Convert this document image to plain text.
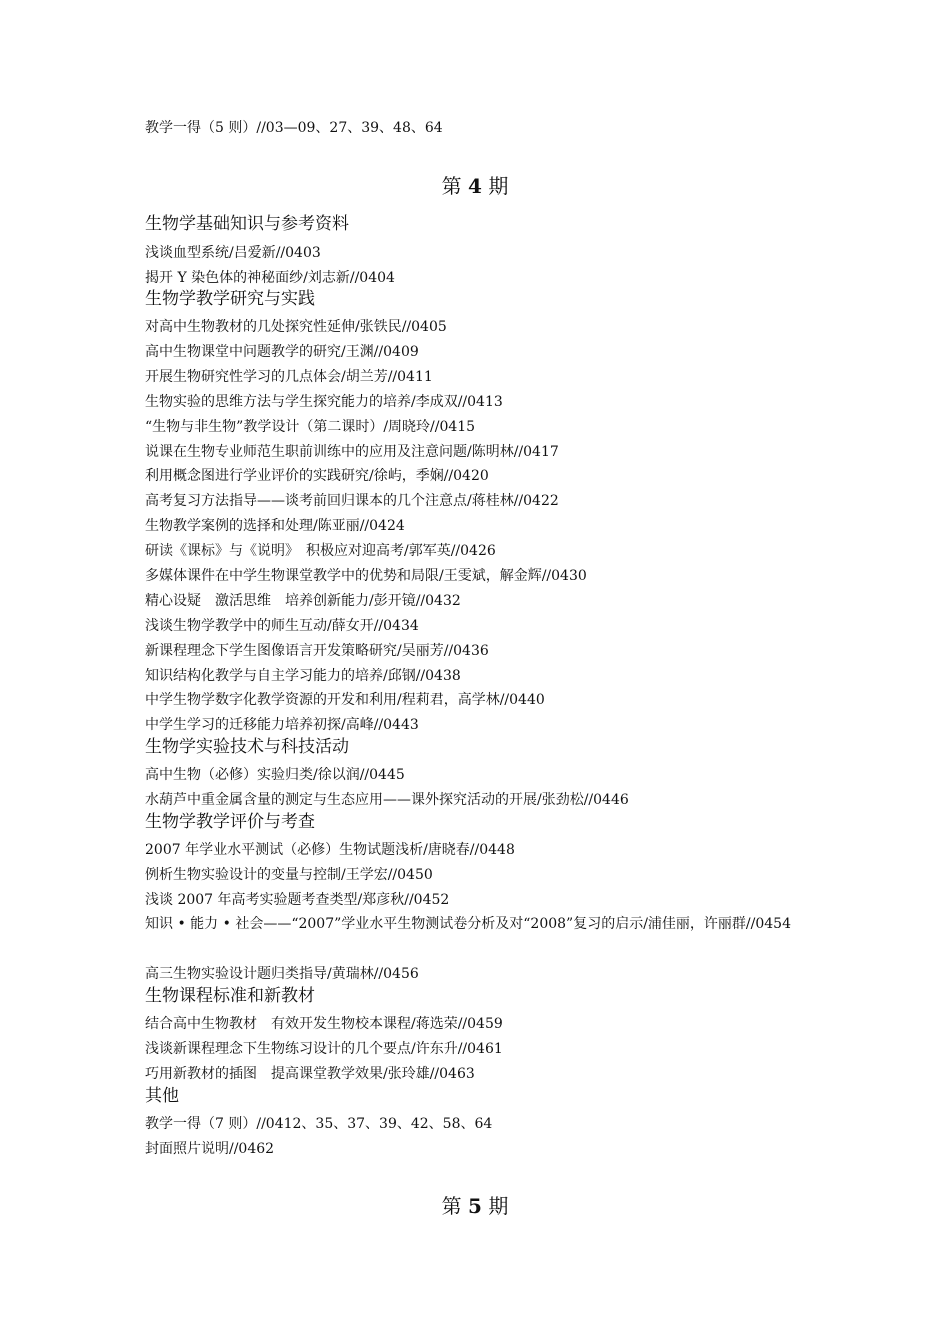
教学一得（5 则）//03—09、27、39、48、64
第 4 期
生物学基础知识与参考资料
浅谈血型系统/吕爱新//0403
揭开 Y 染色体的神秘面纱/刘志新//0404
生物学教学研究与实践
对高中生物教材的几处探究性延伸/张铁民//0405
高中生物课堂中问题教学的研究/王渊//0409
开展生物研究性学习的几点体会/胡兰芳//0411
生物实验的思维方法与学生探究能力的培养/李成双//0413
“生物与非生物”教学设计（第二课时）/周晓玲//0415
说课在生物专业师范生职前训练中的应用及注意问题/陈明林//0417
利用概念图进行学业评价的实践研究/徐屿，季娴//0420
高考复习方法指导——谈考前回归课本的几个注意点/蒋桂林//0422
生物教学案例的选择和处理/陈亚丽//0424
研读《课标》与《说明》　积极应对迎高考/郭军英//0426
多媒体课件在中学生物课堂教学中的优势和局限/王雯斌，解金辉//0430
精心设疑　激活思维　培养创新能力/彭开镜//0432
浅谈生物学教学中的师生互动/薛女开//0434
新课程理念下学生图像语言开发策略研究/吴丽芳//0436
知识结构化教学与自主学习能力的培养/邱钢//0438
中学生物学数字化教学资源的开发和利用/程莉君，高学林//0440
中学生学习的迁移能力培养初探/高峰//0443
生物学实验技术与科技活动
高中生物（必修）实验归类/徐以润//0445
水葫芦中重金属含量的测定与生态应用——课外探究活动的开展/张劲松//0446
生物学教学评价与考查
2007 年学业水平测试（必修）生物试题浅析/唐晓春//0448
例析生物实验设计的变量与控制/王学宏//0450
浅谈 2007 年高考实验题考查类型/郑彦秋//0452
知识 • 能力 • 社会——“2007”学业水平生物测试卷分析及对“2008”复习的启示/浦佳丽，许丽群//0454
高三生物实验设计题归类指导/黄瑞林//0456
生物课程标准和新教材
结合高中生物教材　有效开发生物校本课程/蒋选荣//0459
浅谈新课程理念下生物练习设计的几个要点/许东升//0461
巧用新教材的插图　提高课堂教学效果/张玲雄//0463
其他
教学一得（7 则）//0412、35、37、39、42、58、64
封面照片说明//0462
第 5 期
